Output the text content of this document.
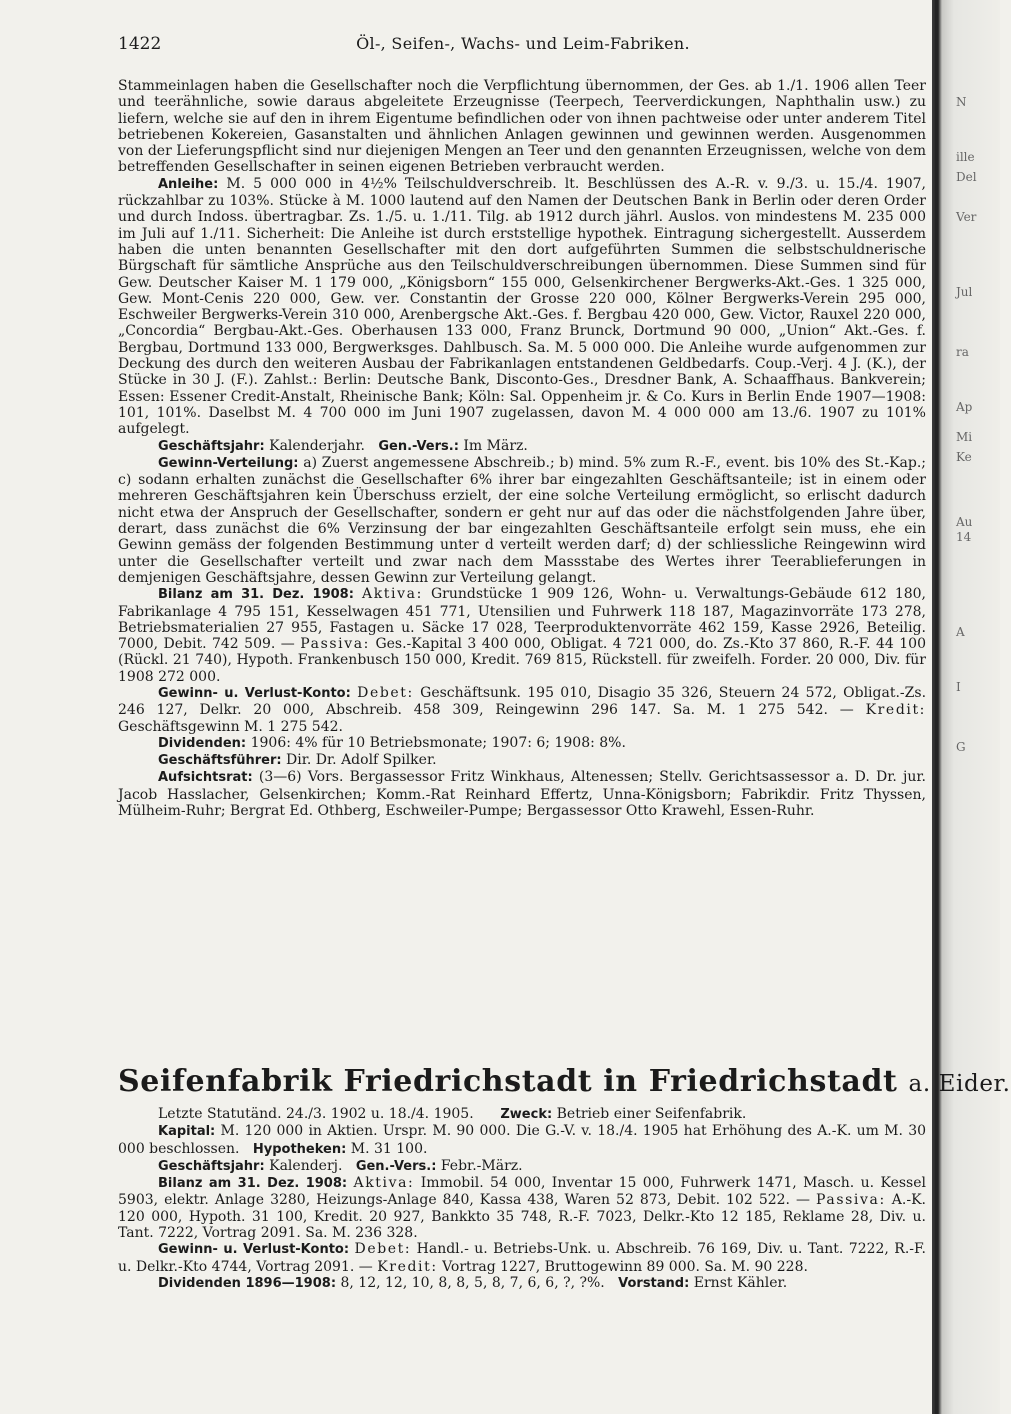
N
ille
Del
Ver
Jul
ra
Ap
Mi
Ke
Au
14
A
I
G
1422	Öl-, Seifen-, Wachs- und Leim-Fabriken.

Stammeinlagen haben die Gesellschafter noch die Verpflichtung übernommen, der Ges. ab 1./1. 1906 allen Teer und teerähnliche, sowie daraus abgeleitete Erzeugnisse (Teerpech, Teerverdickungen, Naphthalin usw.) zu liefern, welche sie auf den in ihrem Eigentume befindlichen oder von ihnen pachtweise oder unter anderem Titel betriebenen Kokereien, Gasanstalten und ähnlichen Anlagen gewinnen und gewinnen werden. Ausgenommen von der Lieferungspflicht sind nur diejenigen Mengen an Teer und den genannten Erzeugnissen, welche von dem betreffenden Gesellschafter in seinen eigenen Betrieben verbraucht werden.

Anleihe: M. 5 000 000 in 4½% Teilschuldverschreib. lt. Beschlüssen des A.-R. v. 9./3. u. 15./4. 1907, rückzahlbar zu 103%. Stücke à M. 1000 lautend auf den Namen der Deutschen Bank in Berlin oder deren Order und durch Indoss. übertragbar. Zs. 1./5. u. 1./11. Tilg. ab 1912 durch jährl. Auslos. von mindestens M. 235 000 im Juli auf 1./11. Sicherheit: Die Anleihe ist durch erststellige hypothek. Eintragung sichergestellt. Ausserdem haben die unten benannten Gesellschafter mit den dort aufgeführten Summen die selbstschuldnerische Bürgschaft für sämtliche Ansprüche aus den Teilschuldverschreibungen übernommen. Diese Summen sind für Gew. Deutscher Kaiser M. 1 179 000, „Königsborn“ 155 000, Gelsenkirchener Bergwerks-Akt.-Ges. 1 325 000, Gew. Mont-Cenis 220 000, Gew. ver. Constantin der Grosse 220 000, Kölner Bergwerks-Verein 295 000, Eschweiler Bergwerks-Verein 310 000, Arenbergsche Akt.-Ges. f. Bergbau 420 000, Gew. Victor, Rauxel 220 000, „Concordia“ Bergbau-Akt.-Ges. Oberhausen 133 000, Franz Brunck, Dortmund 90 000, „Union“ Akt.-Ges. f. Bergbau, Dortmund 133 000, Bergwerksges. Dahlbusch. Sa. M. 5 000 000. Die Anleihe wurde aufgenommen zur Deckung des durch den weiteren Ausbau der Fabrikanlagen entstandenen Geldbedarfs. Coup.-Verj. 4 J. (K.), der Stücke in 30 J. (F.). Zahlst.: Berlin: Deutsche Bank, Disconto-Ges., Dresdner Bank, A. Schaaffhaus. Bankverein; Essen: Essener Credit-Anstalt, Rheinische Bank; Köln: Sal. Oppenheim jr. & Co. Kurs in Berlin Ende 1907—1908: 101, 101%. Daselbst M. 4 700 000 im Juni 1907 zugelassen, davon M. 4 000 000 am 13./6. 1907 zu 101% aufgelegt.

Geschäftsjahr: Kalenderjahr. Gen.-Vers.: Im März.

Gewinn-Verteilung: a) Zuerst angemessene Abschreib.; b) mind. 5% zum R.-F., event. bis 10% des St.-Kap.; c) sodann erhalten zunächst die Gesellschafter 6% ihrer bar eingezahlten Geschäftsanteile; ist in einem oder mehreren Geschäftsjahren kein Überschuss erzielt, der eine solche Verteilung ermöglicht, so erlischt dadurch nicht etwa der Anspruch der Gesellschafter, sondern er geht nur auf das oder die nächstfolgenden Jahre über, derart, dass zunächst die 6% Verzinsung der bar eingezahlten Geschäftsanteile erfolgt sein muss, ehe ein Gewinn gemäss der folgenden Bestimmung unter d verteilt werden darf; d) der schliessliche Reingewinn wird unter die Gesellschafter verteilt und zwar nach dem Massstabe des Wertes ihrer Teerablieferungen in demjenigen Geschäftsjahre, dessen Gewinn zur Verteilung gelangt.

Bilanz am 31. Dez. 1908: Aktiva: Grundstücke 1 909 126, Wohn- u. Verwaltungs-Gebäude 612 180, Fabrikanlage 4 795 151, Kesselwagen 451 771, Utensilien und Fuhrwerk 118 187, Magazinvorräte 173 278, Betriebsmaterialien 27 955, Fastagen u. Säcke 17 028, Teerproduktenvorräte 462 159, Kasse 2926, Beteilig. 7000, Debit. 742 509. — Passiva: Ges.-Kapital 3 400 000, Obligat. 4 721 000, do. Zs.-Kto 37 860, R.-F. 44 100 (Rückl. 21 740), Hypoth. Frankenbusch 150 000, Kredit. 769 815, Rückstell. für zweifelh. Forder. 20 000, Div. für 1908 272 000.

Gewinn- u. Verlust-Konto: Debet: Geschäftsunk. 195 010, Disagio 35 326, Steuern 24 572, Obligat.-Zs. 246 127, Delkr. 20 000, Abschreib. 458 309, Reingewinn 296 147. Sa. M. 1 275 542. — Kredit: Geschäftsgewinn M. 1 275 542.

Dividenden: 1906: 4% für 10 Betriebsmonate; 1907: 6; 1908: 8%.

Geschäftsführer: Dir. Dr. Adolf Spilker.

Aufsichtsrat: (3—6) Vors. Bergassessor Fritz Winkhaus, Altenessen; Stellv. Gerichtsassessor a. D. Dr. jur. Jacob Hasslacher, Gelsenkirchen; Komm.-Rat Reinhard Effertz, Unna-Königsborn; Fabrikdir. Fritz Thyssen, Mülheim-Ruhr; Bergrat Ed. Othberg, Eschweiler-Pumpe; Bergassessor Otto Krawehl, Essen-Ruhr.

Seifenfabrik Friedrichstadt in Friedrichstadt a. Eider.

Letzte Statutänd. 24./3. 1902 u. 18./4. 1905. Zweck: Betrieb einer Seifenfabrik.

Kapital: M. 120 000 in Aktien. Urspr. M. 90 000. Die G.-V. v. 18./4. 1905 hat Erhöhung des A.-K. um M. 30 000 beschlossen. Hypotheken: M. 31 100.

Geschäftsjahr: Kalenderj. Gen.-Vers.: Febr.-März.

Bilanz am 31. Dez. 1908: Aktiva: Immobil. 54 000, Inventar 15 000, Fuhrwerk 1471, Masch. u. Kessel 5903, elektr. Anlage 3280, Heizungs-Anlage 840, Kassa 438, Waren 52 873, Debit. 102 522. — Passiva: A.-K. 120 000, Hypoth. 31 100, Kredit. 20 927, Bankkto 35 748, R.-F. 7023, Delkr.-Kto 12 185, Reklame 28, Div. u. Tant. 7222, Vortrag 2091. Sa. M. 236 328.

Gewinn- u. Verlust-Konto: Debet: Handl.- u. Betriebs-Unk. u. Abschreib. 76 169, Div. u. Tant. 7222, R.-F. u. Delkr.-Kto 4744, Vortrag 2091. — Kredit: Vortrag 1227, Bruttogewinn 89 000. Sa. M. 90 228.

Dividenden 1896—1908: 8, 12, 12, 10, 8, 8, 5, 8, 7, 6, 6, ?, ?%. Vorstand: Ernst Kähler.
